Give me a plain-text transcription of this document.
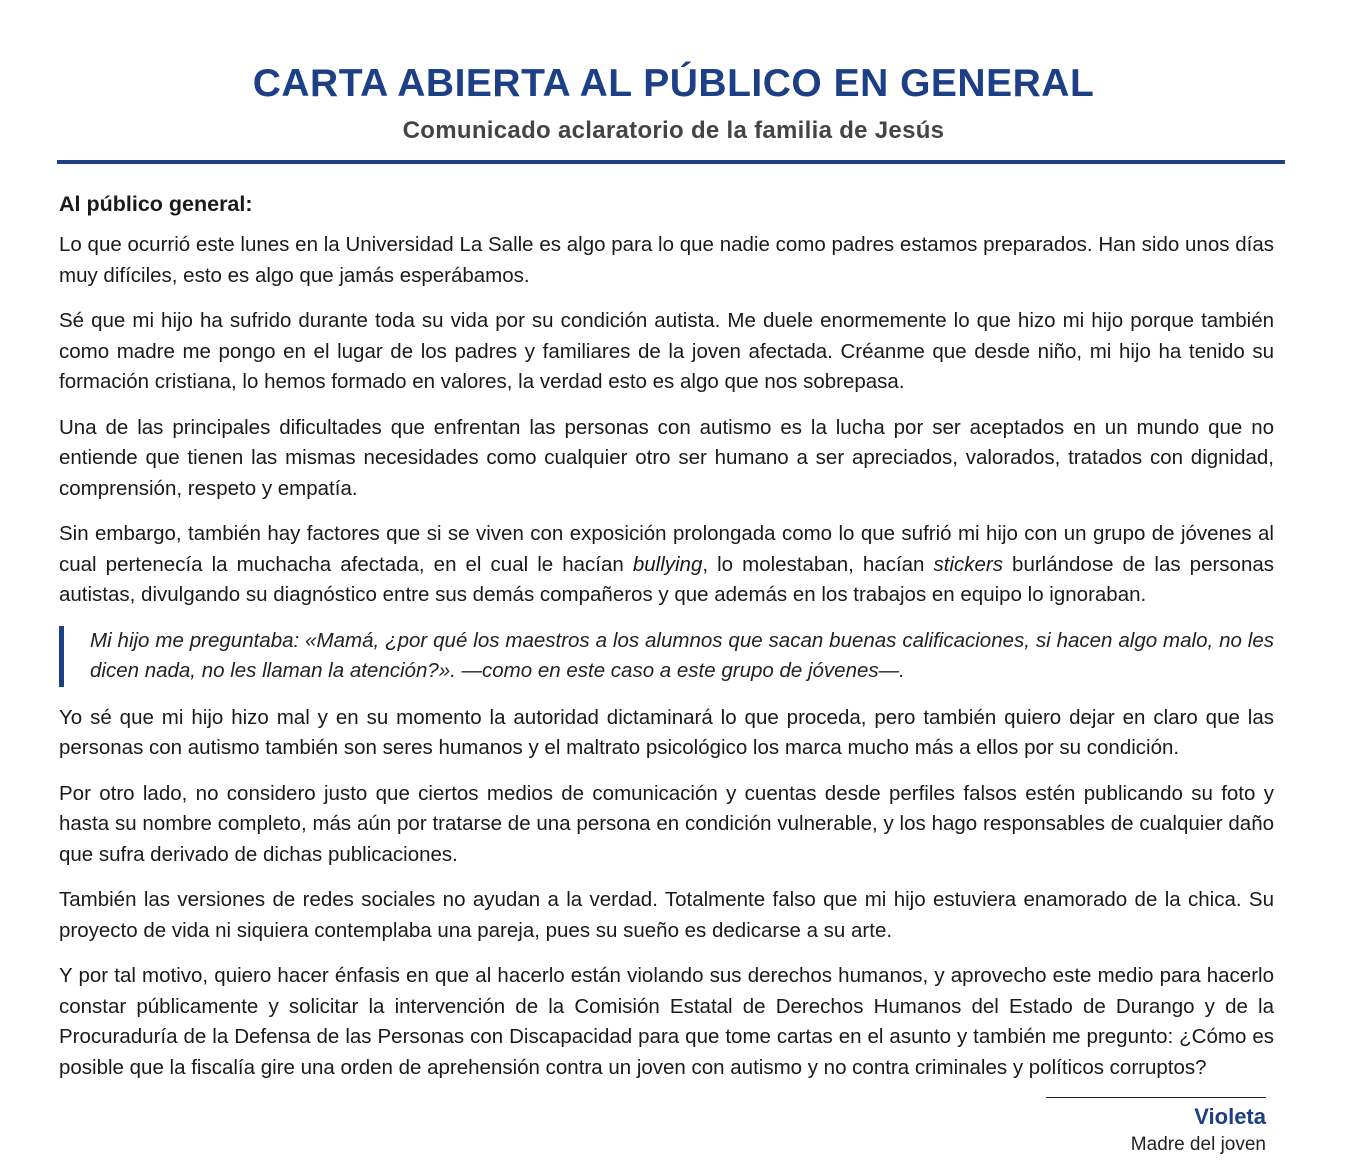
CARTA ABIERTA AL PÚBLICO EN GENERAL
Comunicado aclaratorio de la familia de Jesús
Al público general:

Lo que ocurrió este lunes en la Universidad La Salle es algo para lo que nadie como padres estamos preparados. Han sido unos días muy difíciles, esto es algo que jamás esperábamos.

Sé que mi hijo ha sufrido durante toda su vida por su condición autista. Me duele enormemente lo que hizo mi hijo porque también como madre me pongo en el lugar de los padres y familiares de la joven afectada. Créanme que desde niño, mi hijo ha tenido su formación cristiana, lo hemos formado en valores, la verdad esto es algo que nos sobrepasa.

Una de las principales dificultades que enfrentan las personas con autismo es la lucha por ser aceptados en un mundo que no entiende que tienen las mismas necesidades como cualquier otro ser humano a ser apreciados, valorados, tratados con dignidad, comprensión, respeto y empatía.

Sin embargo, también hay factores que si se viven con exposición prolongada como lo que sufrió mi hijo con un grupo de jóvenes al cual pertenecía la muchacha afectada, en el cual le hacían bullying, lo molestaban, hacían stickers burlándose de las personas autistas, divulgando su diagnóstico entre sus demás compañeros y que además en los trabajos en equipo lo ignoraban.

Mi hijo me preguntaba: «Mamá, ¿por qué los maestros a los alumnos que sacan buenas calificaciones, si hacen algo malo, no les dicen nada, no les llaman la atención?». —como en este caso a este grupo de jóvenes—.

Yo sé que mi hijo hizo mal y en su momento la autoridad dictaminará lo que proceda, pero también quiero dejar en claro que las personas con autismo también son seres humanos y el maltrato psicológico los marca mucho más a ellos por su condición.

Por otro lado, no considero justo que ciertos medios de comunicación y cuentas desde perfiles falsos estén publicando su foto y hasta su nombre completo, más aún por tratarse de una persona en condición vulnerable, y los hago responsables de cualquier daño que sufra derivado de dichas publicaciones.

También las versiones de redes sociales no ayudan a la verdad. Totalmente falso que mi hijo estuviera enamorado de la chica. Su proyecto de vida ni siquiera contemplaba una pareja, pues su sueño es dedicarse a su arte.

Y por tal motivo, quiero hacer énfasis en que al hacerlo están violando sus derechos humanos, y aprovecho este medio para hacerlo constar públicamente y solicitar la intervención de la Comisión Estatal de Derechos Humanos del Estado de Durango y de la Procuraduría de la Defensa de las Personas con Discapacidad para que tome cartas en el asunto y también me pregunto: ¿Cómo es posible que la fiscalía gire una orden de aprehensión contra un joven con autismo y no contra criminales y políticos corruptos?

Violeta
Madre del joven
